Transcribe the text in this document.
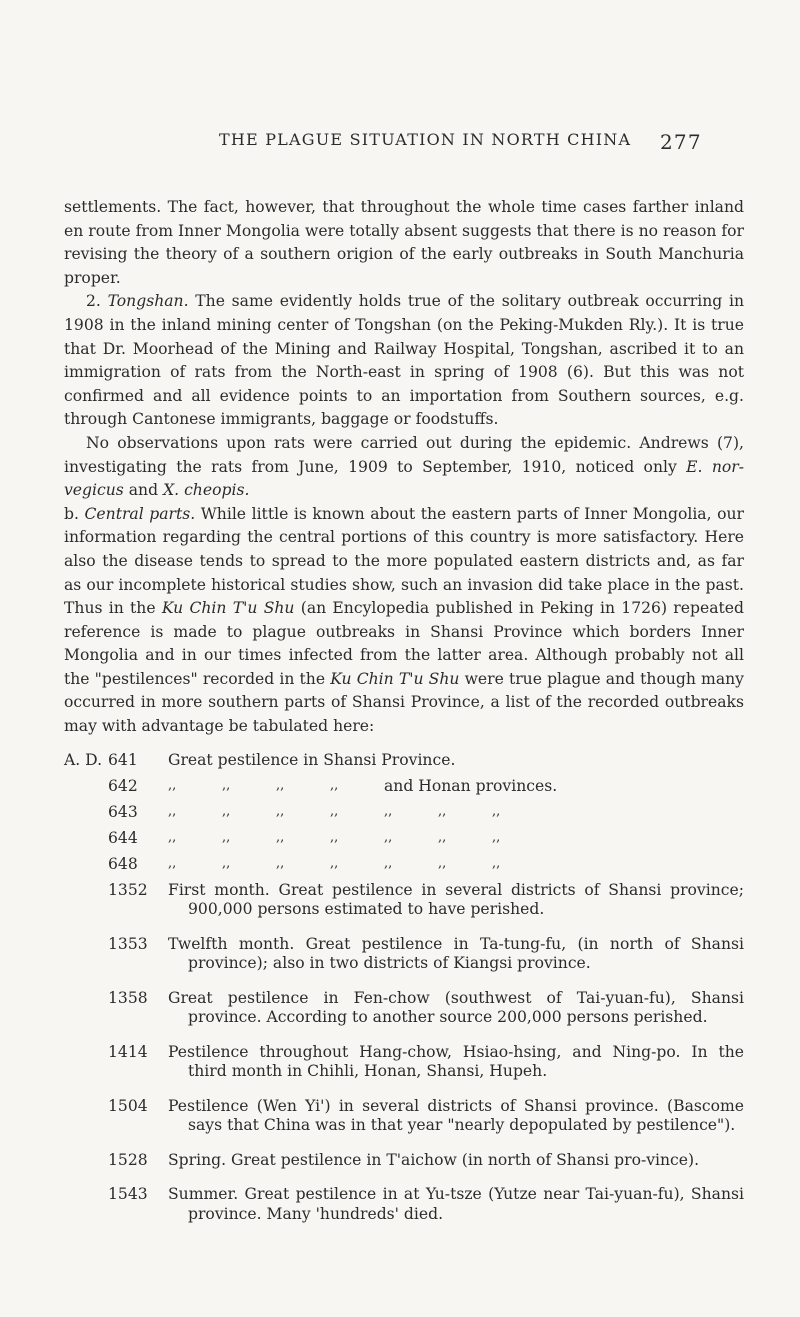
THE PLAGUE SITUATION IN NORTH CHINA 277

settlements. The fact, however, that throughout the whole time cases farther inland en route from Inner Mongolia were totally absent suggests that there is no reason for revising the theory of a southern origion of the early outbreaks in South Manchuria proper.

2. Tongshan. The same evidently holds true of the solitary outbreak occurring in 1908 in the inland mining center of Tongshan (on the Peking-Mukden Rly.). It is true that Dr. Moorhead of the Mining and Railway Hospital, Tongshan, ascribed it to an immigration of rats from the North-east in spring of 1908 (6). But this was not confirmed and all evidence points to an importation from Southern sources, e.g. through Cantonese immigrants, baggage or foodstuffs.

No observations upon rats were carried out during the epidemic. Andrews (7), investigating the rats from June, 1909 to September, 1910, noticed only E. nor-vegicus and X. cheopis.

b. Central parts. While little is known about the eastern parts of Inner Mongolia, our information regarding the central portions of this country is more satisfactory. Here also the disease tends to spread to the more populated eastern districts and, as far as our incomplete historical studies show, such an invasion did take place in the past. Thus in the Ku Chin T'u Shu (an Encylopedia published in Peking in 1726) repeated reference is made to plague outbreaks in Shansi Province which borders Inner Mongolia and in our times infected from the latter area. Although probably not all the "pestilences" recorded in the Ku Chin T'u Shu were true plague and though many occurred in more southern parts of Shansi Province, a list of the recorded outbreaks may with advantage be tabulated here:

A. D. 641	Great pestilence in Shansi Province.
642	,,	,,	,,	,,	and Honan provinces.
643	,,	,,	,,	,,	,,	,,	,,
644	,,	,,	,,	,,	,,	,,	,,
648	,,	,,	,,	,,	,,	,,	,,
1352	First month. Great pestilence in several districts of Shansi province; 900,000 persons estimated to have perished.
1353	Twelfth month. Great pestilence in Ta-tung-fu, (in north of Shansi province); also in two districts of Kiangsi province.
1358	Great pestilence in Fen-chow (southwest of Tai-yuan-fu), Shansi province. According to another source 200,000 persons perished.
1414	Pestilence throughout Hang-chow, Hsiao-hsing, and Ning-po. In the third month in Chihli, Honan, Shansi, Hupeh.
1504	Pestilence (Wen Yi') in several districts of Shansi province. (Bascome says that China was in that year "nearly depopulated by pestilence").
1528	Spring. Great pestilence in T'aichow (in north of Shansi pro-vince).
1543	Summer. Great pestilence in at Yu-tsze (Yutze near Tai-yuan-fu), Shansi province. Many 'hundreds' died.
